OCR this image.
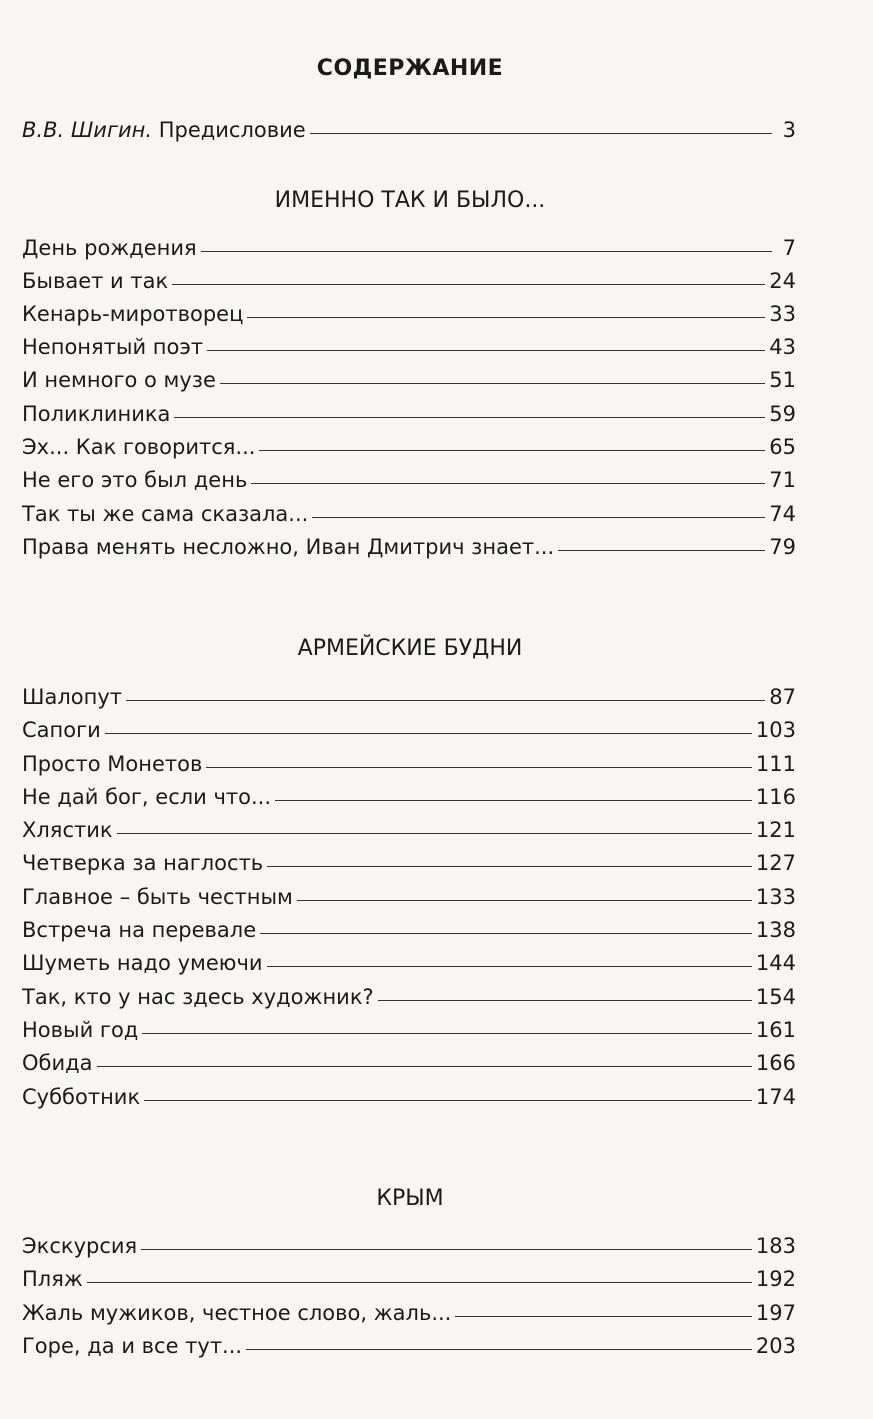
СОДЕРЖАНИЕ
В.В. Шигин. Предисловие	3
ИМЕННО ТАК И БЫЛО...
День рождения	7
Бывает и так	24
Кенарь-миротворец	33
Непонятый поэт	43
И немного о музе	51
Поликлиника	59
Эх... Как говорится...	65
Не его это был день	71
Так ты же сама сказала...	74
Права менять несложно, Иван Дмитрич знает...	79
АРМЕЙСКИЕ БУДНИ
Шалопут	87
Сапоги	103
Просто Монетов	111
Не дай бог, если что...	116
Хлястик	121
Четверка за наглость	127
Главное – быть честным	133
Встреча на перевале	138
Шуметь надо умеючи	144
Так, кто у нас здесь художник?	154
Новый год	161
Обида	166
Субботник	174
КРЫМ
Экскурсия	183
Пляж	192
Жаль мужиков, честное слово, жаль...	197
Горе, да и все тут...	203
